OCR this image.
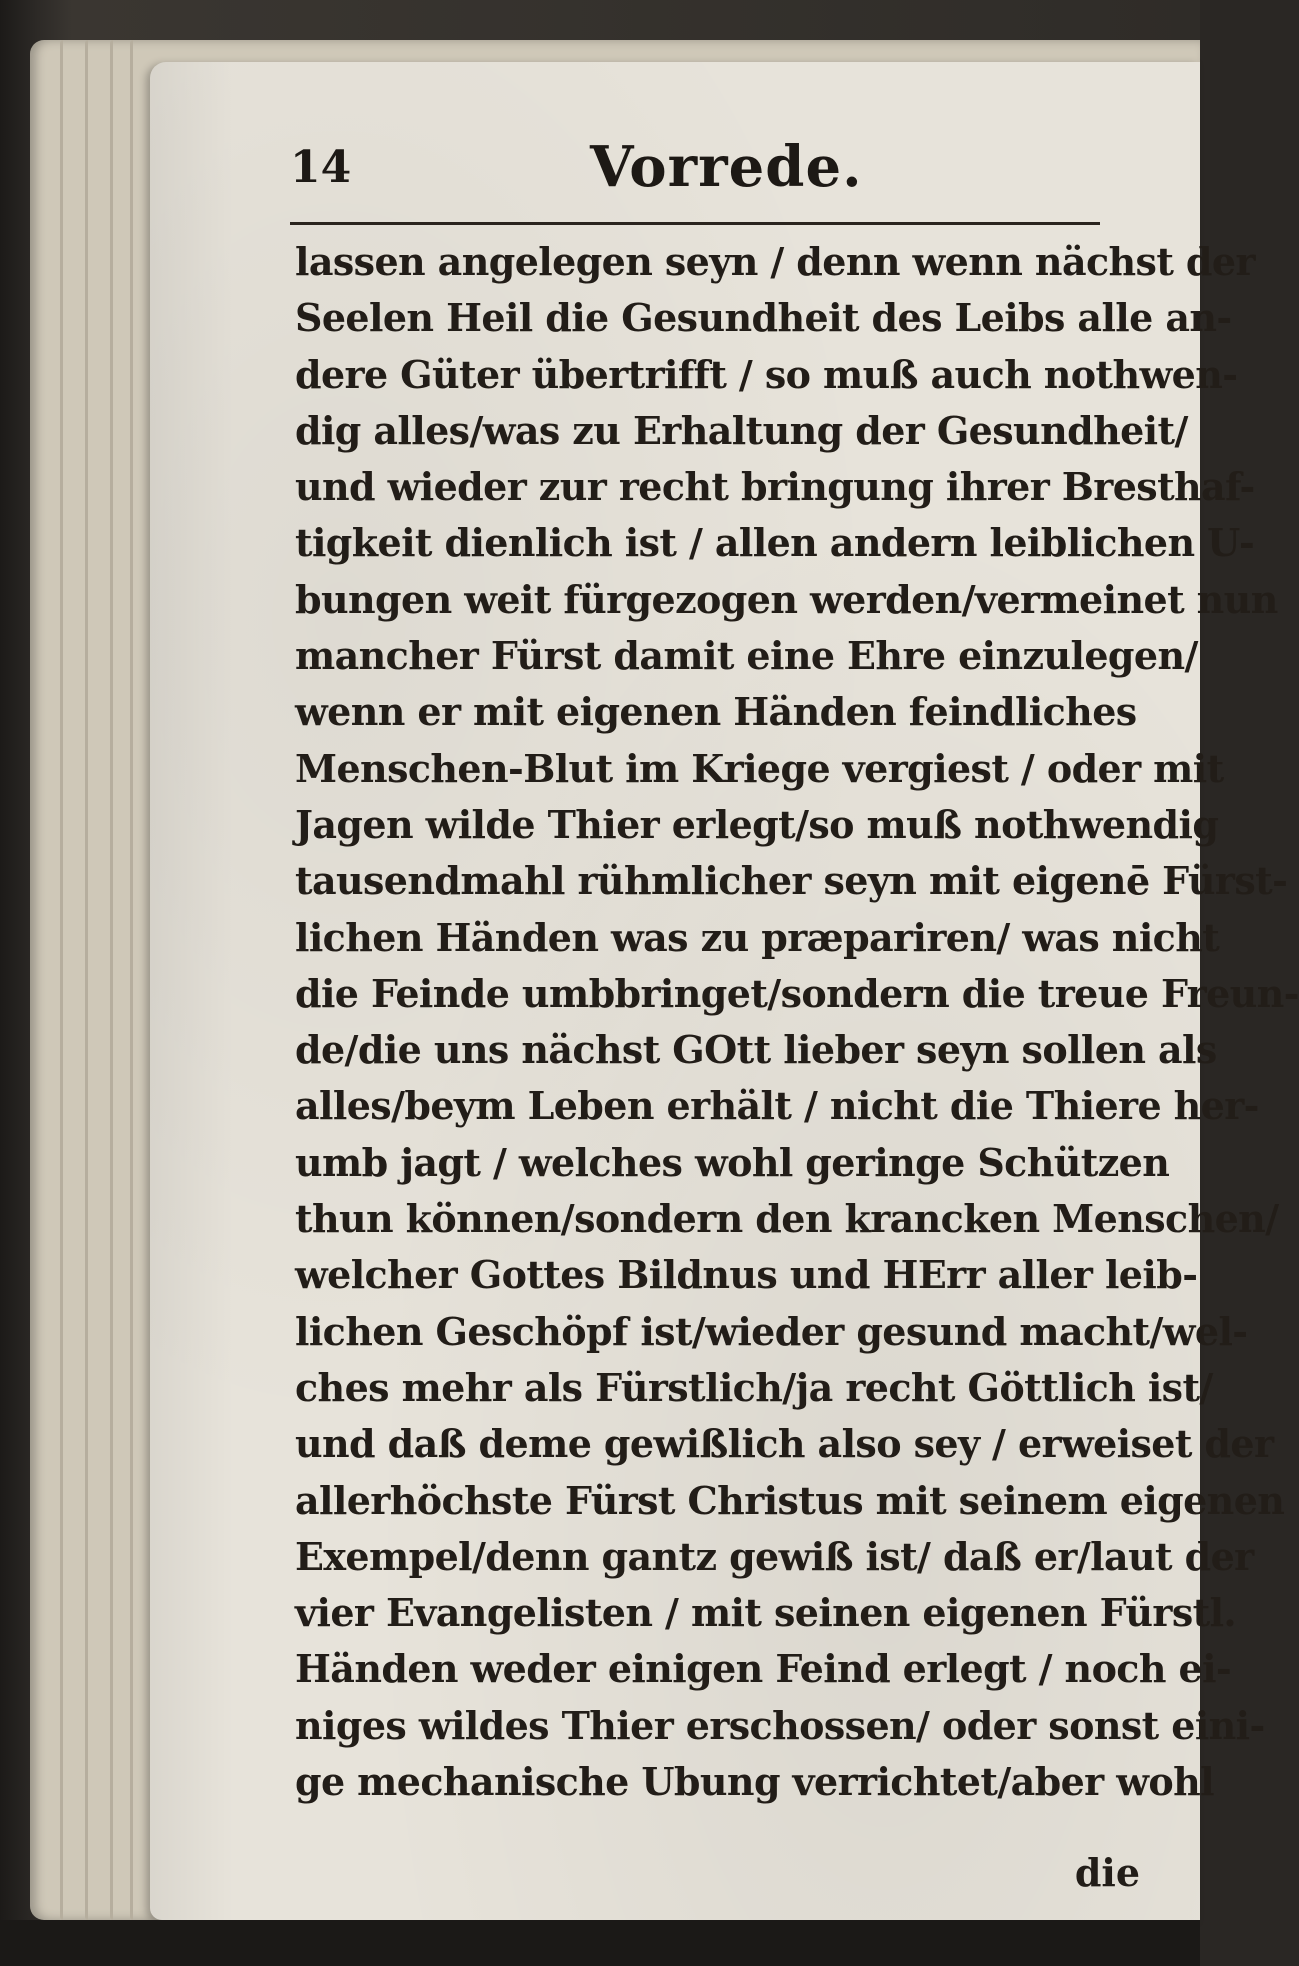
14	Vorrede.
lassen angelegen seyn / denn wenn nächst der
Seelen Heil die Gesundheit des Leibs alle an-
dere Güter übertrifft / so muß auch nothwen-
dig alles/was zu Erhaltung der Gesundheit/
und wieder zur recht bringung ihrer Bresthaf-
tigkeit dienlich ist / allen andern leiblichen U-
bungen weit fürgezogen werden/vermeinet nun
mancher Fürst damit eine Ehre einzulegen/
wenn er mit eigenen Händen feindliches
Menschen-Blut im Kriege vergiest / oder mit
Jagen wilde Thier erlegt/so muß nothwendig
tausendmahl rühmlicher seyn mit eigenē Fürst-
lichen Händen was zu præpariren/ was nicht
die Feinde umbbringet/sondern die treue Freun-
de/die uns nächst GOtt lieber seyn sollen als
alles/beym Leben erhält / nicht die Thiere her-
umb jagt / welches wohl geringe Schützen
thun können/sondern den krancken Menschen/
welcher Gottes Bildnus und HErr aller leib-
lichen Geschöpf ist/wieder gesund macht/wel-
ches mehr als Fürstlich/ja recht Göttlich ist/
und daß deme gewißlich also sey / erweiset der
allerhöchste Fürst Christus mit seinem eigenen
Exempel/denn gantz gewiß ist/ daß er/laut der
vier Evangelisten / mit seinen eigenen Fürstl.
Händen weder einigen Feind erlegt / noch ei-
niges wildes Thier erschossen/ oder sonst eini-
ge mechanische Ubung verrichtet/aber wohl
die
